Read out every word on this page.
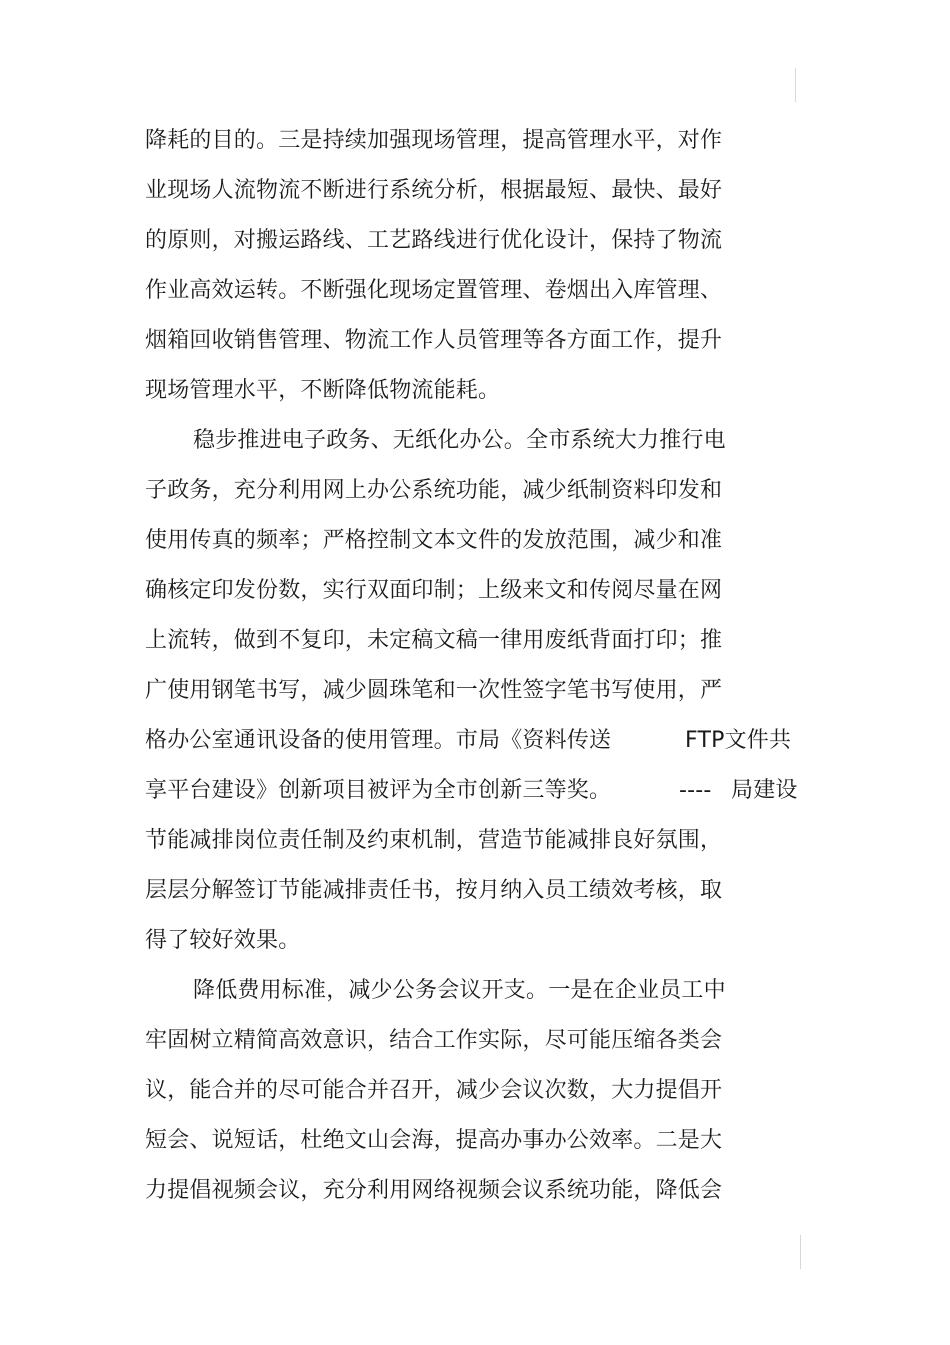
降耗的目的。三是持续加强现场管理，提高管理水平，对作
业现场人流物流不断进行系统分析，根据最短、最快、最好
的原则，对搬运路线、工艺路线进行优化设计，保持了物流
作业高效运转。不断强化现场定置管理、卷烟出入库管理、
烟箱回收销售管理、物流工作人员管理等各方面工作，提升
现场管理水平，不断降低物流能耗。
稳步推进电子政务、无纸化办公。全市系统大力推行电
子政务，充分利用网上办公系统功能，减少纸制资料印发和
使用传真的频率；严格控制文本文件的发放范围，减少和准
确核定印发份数，实行双面印制；上级来文和传阅尽量在网
上流转，做到不复印，未定稿文稿一律用废纸背面打印；推
广使用钢笔书写，减少圆珠笔和一次性签字笔书写使用，严

格办公室通讯设备的使用管理。市局《资料传送

	FTP文件共

享平台建设》创新项目被评为全市创新三等奖。

	----

局建设

节能减排岗位责任制及约束机制，营造节能减排良好氛围，
层层分解签订节能减排责任书，按月纳入员工绩效考核，取
得了较好效果。
降低费用标准，减少公务会议开支。一是在企业员工中
牢固树立精简高效意识，结合工作实际，尽可能压缩各类会
议，能合并的尽可能合并召开，减少会议次数，大力提倡开
短会、说短话，杜绝文山会海，提高办事办公效率。二是大
力提倡视频会议，充分利用网络视频会议系统功能，降低会
